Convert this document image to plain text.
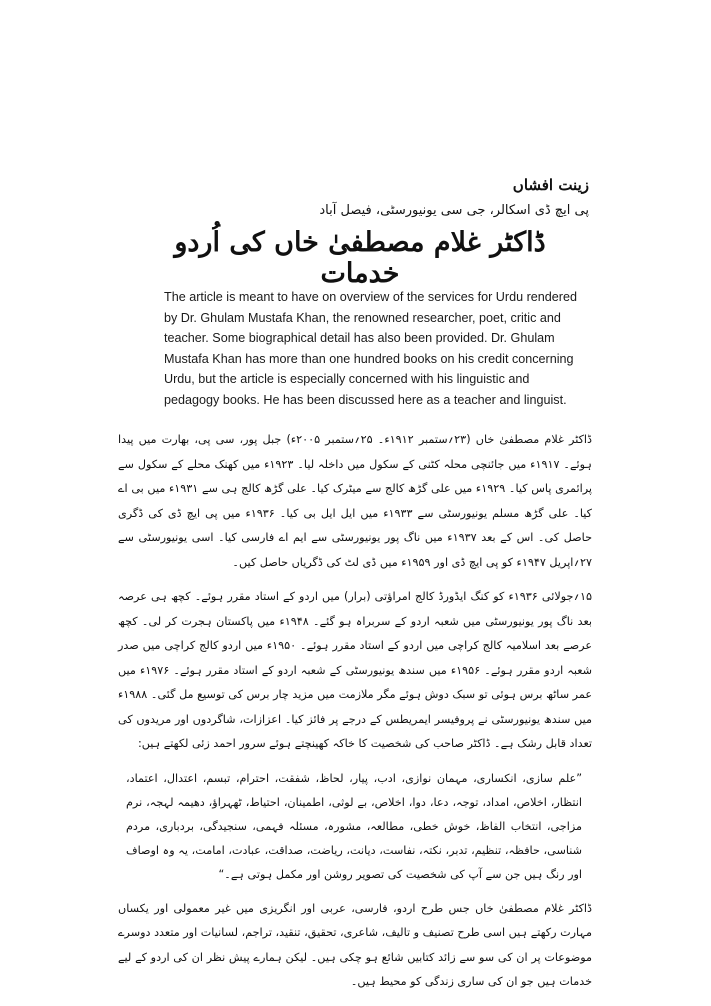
زینت افشاں
پی ایچ ڈی اسکالر، جی سی یونیورسٹی، فیصل آباد
ڈاکٹر غلام مصطفیٰ خاں کی اُردو خدمات
The article is meant to have on overview of the services for Urdu rendered by Dr. Ghulam Mustafa Khan, the renowned researcher, poet, critic and teacher. Some biographical detail has also been provided. Dr. Ghulam Mustafa Khan has more than one hundred books on his credit concerning Urdu, but the article is especially concerned with his linguistic and pedagogy books. He has been discussed here as a teacher and linguist.

ڈاکٹر غلام مصطفیٰ خاں (۲۳؍ستمبر ۱۹۱۲ء۔ ۲۵؍ستمبر ۲۰۰۵ء) جبل پور، سی پی، بھارت میں پیدا ہوئے۔ ۱۹۱۷ء میں جائنچی محلہ کٹنی کے سکول میں داخلہ لیا۔ ۱۹۲۳ء میں کھنک محلے کے سکول سے پرائمری پاس کیا۔ ۱۹۲۹ء میں علی گڑھ کالج سے میٹرک کیا۔ علی گڑھ کالج ہی سے ۱۹۳۱ء میں بی اے کیا۔ علی گڑھ مسلم یونیورسٹی سے ۱۹۳۳ء میں ایل ایل بی کیا۔ ۱۹۳۶ء میں پی ایچ ڈی کی ڈگری حاصل کی۔ اس کے بعد ۱۹۳۷ء میں ناگ پور یونیورسٹی سے ایم اے فارسی کیا۔ اسی یونیورسٹی سے ۲۷؍اپریل ۱۹۴۷ء کو پی ایچ ڈی اور ۱۹۵۹ء میں ڈی لٹ کی ڈگریاں حاصل کیں۔

۱۵؍جولائی ۱۹۳۶ء کو کنگ ایڈورڈ کالج امراؤتی (برار) میں اردو کے استاد مقرر ہوئے۔ کچھ ہی عرصہ بعد ناگ پور یونیورسٹی میں شعبہ اردو کے سربراہ ہو گئے۔ ۱۹۴۸ء میں پاکستان ہجرت کر لی۔ کچھ عرصے بعد اسلامیہ کالج کراچی میں اردو کے استاد مقرر ہوئے۔ ۱۹۵۰ء میں اردو کالج کراچی میں صدر شعبہ اردو مقرر ہوئے۔ ۱۹۵۶ء میں سندھ یونیورسٹی کے شعبہ اردو کے استاد مقرر ہوئے۔ ۱۹۷۶ء میں عمر ساٹھ برس ہوئی تو سبک دوش ہوئے مگر ملازمت میں مزید چار برس کی توسیع مل گئی۔ ۱۹۸۸ء میں سندھ یونیورسٹی نے پروفیسر ایمریطس کے درجے پر فائز کیا۔ اعزازات، شاگردوں اور مریدوں کی تعداد قابل رشک ہے۔ ڈاکٹر صاحب کی شخصیت کا خاکہ کھینچتے ہوئے سرور احمد زئی لکھتے ہیں:

”علم سازی، انکساری، مہمان نوازی، ادب، پیار، لحاظ، شفقت، احترام، تبسم، اعتدال، اعتماد، انتظار، اخلاص، امداد، توجہ، دعا، دوا، اخلاص، بے لوثی، اطمینان، احتیاط، ٹھہراؤ، دھیمہ لہجہ، نرم مزاجی، انتخاب الفاظ، خوش خطی، مطالعہ، مشورہ، مسئلہ فہمی، سنجیدگی، بردباری، مردم شناسی، حافظہ، تنظیم، تدبر، نکتہ، نفاست، دیانت، ریاضت، صداقت، عبادت، امامت، یہ وہ اوصاف اور رنگ ہیں جن سے آپ کی شخصیت کی تصویر روشن اور مکمل ہوتی ہے۔“

ڈاکٹر غلام مصطفیٰ خاں جس طرح اردو، فارسی، عربی اور انگریزی میں غیر معمولی اور یکساں مہارت رکھتے ہیں اسی طرح تصنیف و تالیف، شاعری، تحقیق، تنقید، تراجم، لسانیات اور متعدد دوسرے موضوعات پر ان کی سو سے زائد کتابیں شائع ہو چکی ہیں۔ لیکن ہمارے پیش نظر ان کی اردو کے لیے خدمات ہیں جو ان کی ساری زندگی کو محیط ہیں۔
